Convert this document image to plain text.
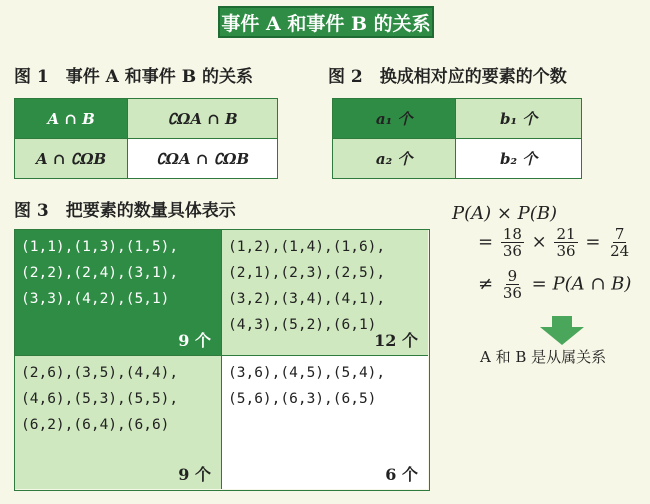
事件 A 和事件 B 的关系
图 1　事件 A 和事件 B 的关系
A ∩ B	∁ΩA ∩ B
A ∩ ∁ΩB	∁ΩA ∩ ∁ΩB
图 2　换成相对应的要素的个数
a₁ 个	b₁ 个
a₂ 个	b₂ 个
图 3　把要素的数量具体表示
(1,1),(1,3),(1,5),
(2,2),(2,4),(3,1),
(3,3),(4,2),(5,1)
9 个
(1,2),(1,4),(1,6),
(2,1),(2,3),(2,5),
(3,2),(3,4),(4,1),
(4,3),(5,2),(6,1)
12 个
(2,6),(3,5),(4,4),
(4,6),(5,3),(5,5),
(6,2),(6,4),(6,6)
9 个
(3,6),(4,5),(5,4),
(5,6),(6,3),(6,5)
6 个
P(A) × P(B)
= $\frac{18}{36} \times \frac{21}{36} = \frac{7}{24}$
≠ $\frac{9}{36} = P(A$ ∩ B)
A 和 B 是从属关系
